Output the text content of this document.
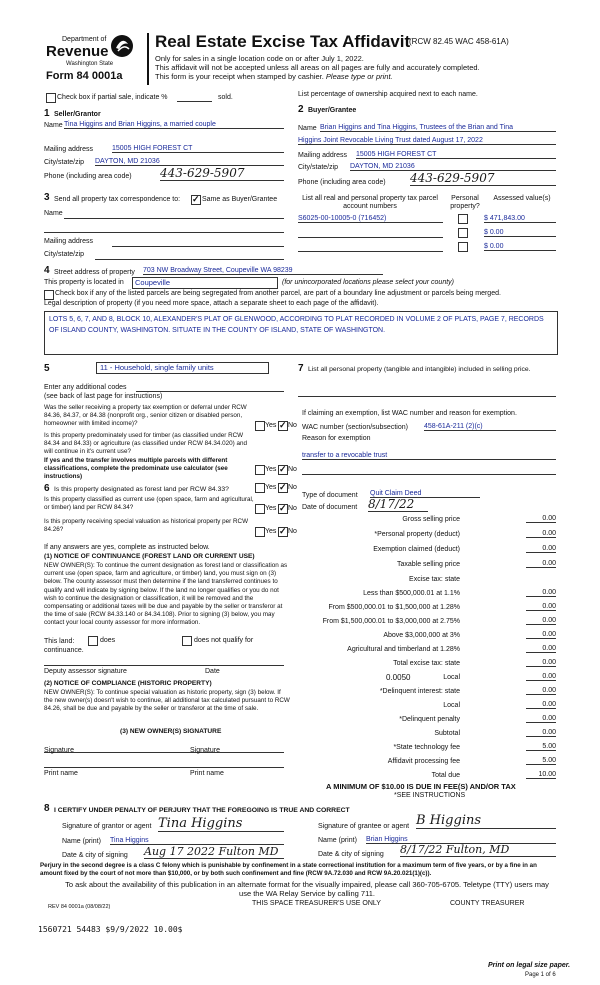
Department of
Revenue
Washington State
Form 84 0001a
Real Estate Excise Tax Affidavit
(RCW 82.45 WAC 458-61A)
Only for sales in a single location code on or after July 1, 2022.
This affidavit will not be accepted unless all areas on all pages are fully and accurately completed.
This form is your receipt when stamped by cashier. Please type or print.
Check box if partial sale, indicate %	sold.	List percentage of ownership acquired next to each name.
1 Seller/Grantor
Name Tina Higgins and Brian Higgins, a married couple
Mailing address	15005 HIGH FOREST CT
City/state/zip DAYTON, MD 21036
Phone (including area code) 443-629-5907
2 Buyer/Grantee
Name Brian Higgins and Tina Higgins, Trustees of the Brian and Tina
Higgins Joint Revocable Living Trust dated August 17, 2022
Mailing address 15005 HIGH FOREST CT
City/state/zip DAYTON, MD 21036
Phone (including area code) 443-629-5907
3 Send all property tax correspondence to: ✓	Same as Buyer/Grantee
Name
Mailing address
City/state/zip
List all real and personal property tax parcel account numbers
Personal property?
Assessed value(s)
S6025-00-10005-0 (716452)	$ 471,843.00
$ 0.00
$ 0.00
4 Street address of property 703 NW Broadway Street, Coupeville WA 98239
This property is located in	Coupeville	(for unincorporated locations please select your county)
Check box if any of the listed parcels are being segregated from another parcel, are part of a boundary line adjustment or parcels being merged.
Legal description of property (if you need more space, attach a separate sheet to each page of the affidavit).
LOTS 5, 6, 7, AND 8, BLOCK 10, ALEXANDER'S PLAT OF GLENWOOD, ACCORDING TO PLAT RECORDED IN VOLUME 2 OF PLATS, PAGE 7, RECORDS OF ISLAND COUNTY, WASHINGTON. SITUATE IN THE COUNTY OF ISLAND, STATE OF WASHINGTON.
5	11 - Household, single family units
Enter any additional codes
(see back of last page for instructions)
Was the seller receiving a property tax exemption or deferral under RCW 84.36, 84.37, or 84.38 (nonprofit org., senior citizen or disabled person, homeowner with limited income)?	Yes ✓ No
Is this property predominately used for timber (as classified under RCW 84.34 and 84.33) or agriculture (as classified under RCW 84.34.020) and will continue in it's current use?
If yes and the transfer involves multiple parcels with different classifications, complete the predominate use calculator (see instructions)
Yes ✓ No
6 Is this property designated as forest land per RCW 84.33?	Yes ✓ No
Is this property classified as current use (open space, farm and agricultural, or timber) land per RCW 84.34?	Yes ✓ No
Is this property receiving special valuation as historical property per RCW 84.26?	Yes ✓ No
If any answers are yes, complete as instructed below.
(1) NOTICE OF CONTINUANCE (FOREST LAND OR CURRENT USE)
NEW OWNER(S): To continue the current designation as forest land or classification as current use (open space, farm and agriculture, or timber) land, you must sign on (3) below. The county assessor must then determine if the land transferred continues to qualify and will indicate by signing below. If the land no longer qualifies or you do not wish to continue the designation or classification, it will be removed and the compensating or additional taxes will be due and payable by the seller or transferor at the time of sale (RCW 84.33.140 or 84.34.108). Prior to signing (3) below, you may contact your local county assessor for more information.
This land:	does	does not qualify for
continuance.
Deputy assessor signature	Date
(2) NOTICE OF COMPLIANCE (HISTORIC PROPERTY)
NEW OWNER(S): To continue special valuation as historic property, sign (3) below. If the new owner(s) doesn't wish to continue, all additional tax calculated pursuant to RCW 84.26, shall be due and payable by the seller or transferor at the time of sale.
(3) NEW OWNER(S) SIGNATURE
Signature	Signature
Print name	Print name
7 List all personal property (tangible and intangible) included in selling price.
If claiming an exemption, list WAC number and reason for exemption.
WAC number (section/subsection) 458-61A-211 (2)(c)
Reason for exemption
transfer to a revocable trust
Type of document Quit Claim Deed
Date of document 8/17/22
Gross selling price	0.00
*Personal property (deduct)	0.00
Exemption claimed (deduct)	0.00
Taxable selling price	0.00
Excise tax: state
Less than $500,000.01 at 1.1%	0.00
From $500,000.01 to $1,500,000 at 1.28%	0.00
From $1,500,000.01 to $3,000,000 at 2.75%	0.00
Above $3,000,000 at 3%	0.00
Agricultural and timberland at 1.28%	0.00
Total excise tax: state	0.00
0.0050	Local	0.00
*Delinquent interest: state	0.00
Local	0.00
*Delinquent penalty	0.00
Subtotal	0.00
*State technology fee	5.00
Affidavit processing fee	5.00
Total due	10.00
A MINIMUM OF $10.00 IS DUE IN FEE(S) AND/OR TAX
*SEE INSTRUCTIONS
8 I CERTIFY UNDER PENALTY OF PERJURY THAT THE FOREGOING IS TRUE AND CORRECT
Signature of grantor or agent Tina Higgins
Name (print) Tina Higgins
Date & city of signing Aug 17 2022 Fulton MD
Signature of grantee or agent B Higgins
Name (print) Brian Higgins
Date & city of signing 8/17/22 Fulton, MD
Perjury in the second degree is a class C felony which is punishable by confinement in a state correctional institution for a maximum term of five years, or by a fine in an amount fixed by the court of not more than $10,000, or by both such confinement and fine (RCW 9A.72.030 and RCW 9A.20.021(1)(c)).
To ask about the availability of this publication in an alternate format for the visually impaired, please call 360-705-6705. Teletype (TTY) users may use the WA Relay Service by calling 711.
REV 84 0001a (08/08/22)	THIS SPACE TREASURER'S USE ONLY	COUNTY TREASURER
1560721 54483 $9/9/2022 10.00$
Print on legal size paper.
Page 1 of 6
